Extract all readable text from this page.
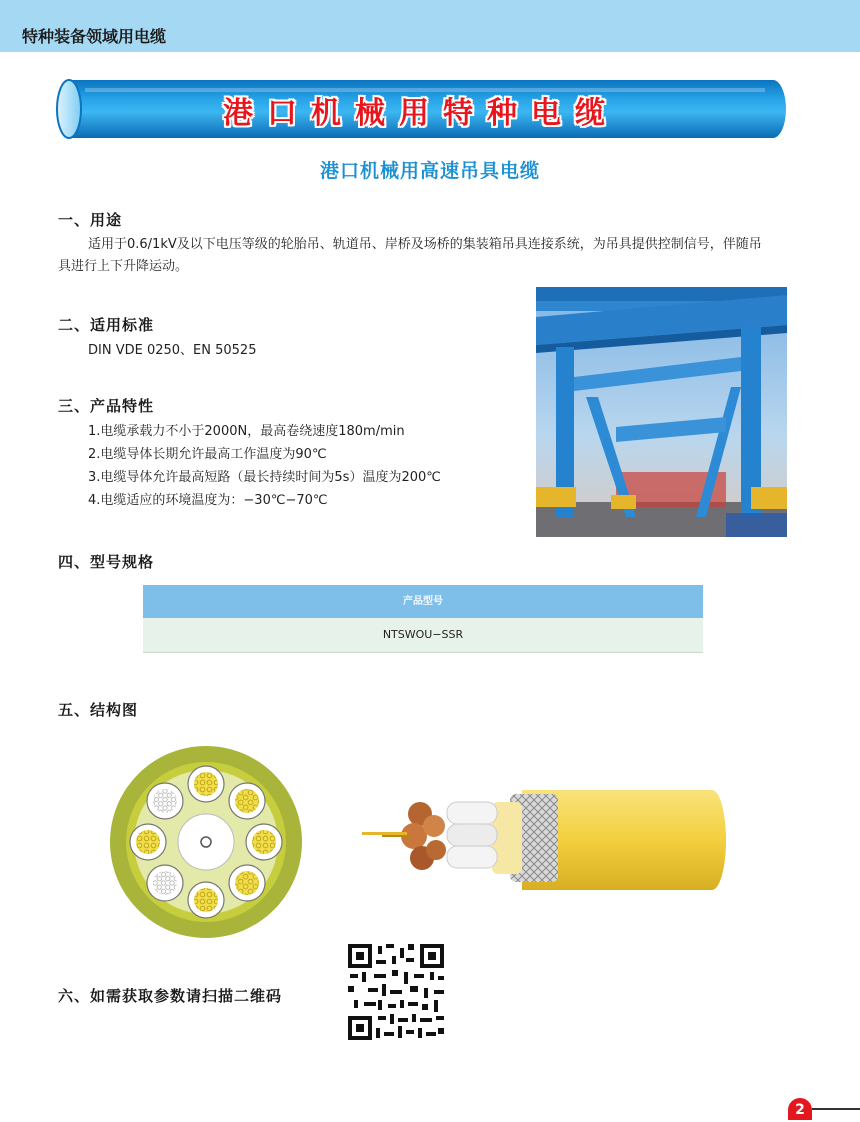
特种装备领域用电缆
港口机械用特种电缆
港口机械用高速吊具电缆
一、用途
适用于0.6/1kV及以下电压等级的轮胎吊、轨道吊、岸桥及场桥的集装箱吊具连接系统，为吊具提供控制信号，伴随吊
具进行上下升降运动。
二、适用标准
DIN VDE 0250、EN 50525
三、产品特性
1.电缆承载力不小于2000N，最高卷绕速度180m/min
2.电缆导体长期允许最高工作温度为90℃
3.电缆导体允许最高短路（最长持续时间为5s）温度为200℃
4.电缆适应的环境温度为：−30℃−70℃
四、型号规格
产品型号
NTSWOU−SSR
五、结构图
六、如需获取参数请扫描二维码
2
